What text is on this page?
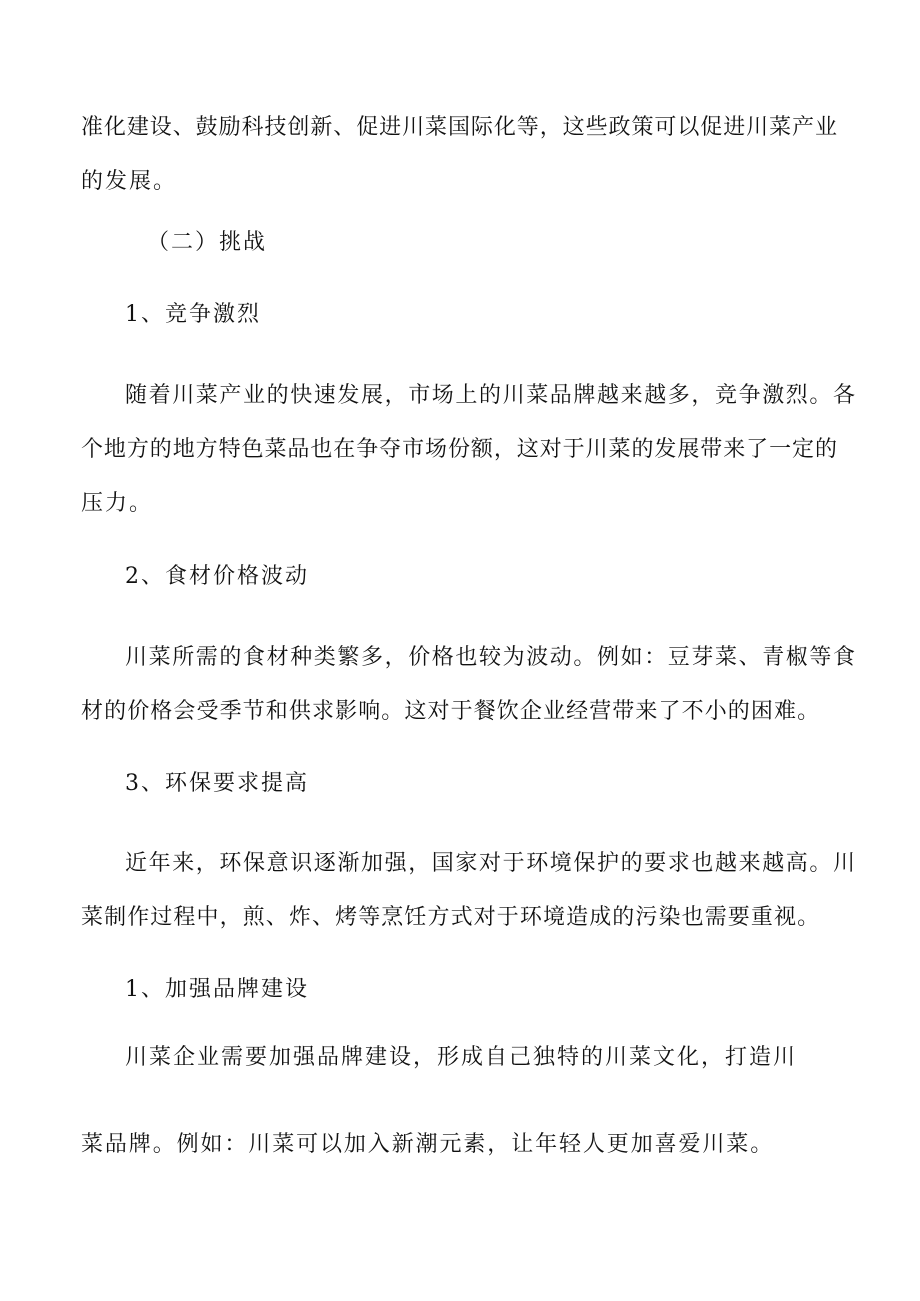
准化建设、鼓励科技创新、促进川菜国际化等，这些政策可以促进川菜产业

的发展。

（二）挑战

1、竞争激烈

随着川菜产业的快速发展，市场上的川菜品牌越来越多，竞争激烈。各

个地方的地方特色菜品也在争夺市场份额，这对于川菜的发展带来了一定的

压力。

2、食材价格波动

川菜所需的食材种类繁多，价格也较为波动。例如：豆芽菜、青椒等食

材的价格会受季节和供求影响。这对于餐饮企业经营带来了不小的困难。

3、环保要求提高

近年来，环保意识逐渐加强，国家对于环境保护的要求也越来越高。川

菜制作过程中，煎、炸、烤等烹饪方式对于环境造成的污染也需要重视。

1、加强品牌建设

川菜企业需要加强品牌建设，形成自己独特的川菜文化，打造川

菜品牌。例如：川菜可以加入新潮元素，让年轻人更加喜爱川菜。
